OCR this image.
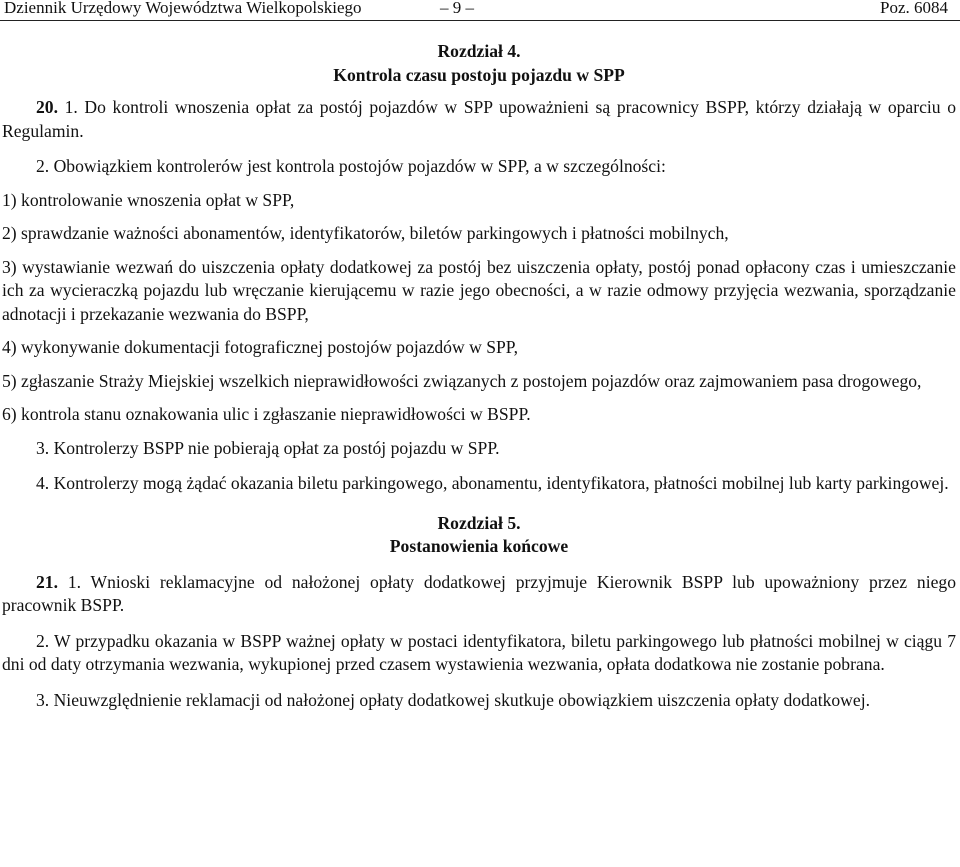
Dziennik Urzędowy Województwa Wielkopolskiego	– 9 –	Poz. 6084

Rozdział 4.

Kontrola czasu postoju pojazdu w SPP

20. 1. Do kontroli wnoszenia opłat za postój pojazdów w SPP upoważnieni są pracownicy BSPP, którzy działają w oparciu o Regulamin.

2. Obowiązkiem kontrolerów jest kontrola postojów pojazdów w SPP, a w szczególności:

1) kontrolowanie wnoszenia opłat w SPP,

2) sprawdzanie ważności abonamentów, identyfikatorów, biletów parkingowych i płatności mobilnych,

3) wystawianie wezwań do uiszczenia opłaty dodatkowej za postój bez uiszczenia opłaty, postój ponad opłacony czas i umieszczanie ich za wycieraczką pojazdu lub wręczanie kierującemu w razie jego obecności, a w razie odmowy przyjęcia wezwania, sporządzanie adnotacji i przekazanie wezwania do BSPP,

4) wykonywanie dokumentacji fotograficznej postojów pojazdów w SPP,

5) zgłaszanie Straży Miejskiej wszelkich nieprawidłowości związanych z postojem pojazdów oraz zajmowaniem pasa drogowego,

6) kontrola stanu oznakowania ulic i zgłaszanie nieprawidłowości w BSPP.

3. Kontrolerzy BSPP nie pobierają opłat za postój pojazdu w SPP.

4. Kontrolerzy mogą żądać okazania biletu parkingowego, abonamentu, identyfikatora, płatności mobilnej lub karty parkingowej.

Rozdział 5.

Postanowienia końcowe

21. 1. Wnioski reklamacyjne od nałożonej opłaty dodatkowej przyjmuje Kierownik BSPP lub upoważniony przez niego pracownik BSPP.

2. W przypadku okazania w BSPP ważnej opłaty w postaci identyfikatora, biletu parkingowego lub płatności mobilnej w ciągu 7 dni od daty otrzymania wezwania, wykupionej przed czasem wystawienia wezwania, opłata dodatkowa nie zostanie pobrana.

3. Nieuwzględnienie reklamacji od nałożonej opłaty dodatkowej skutkuje obowiązkiem uiszczenia opłaty dodatkowej.
